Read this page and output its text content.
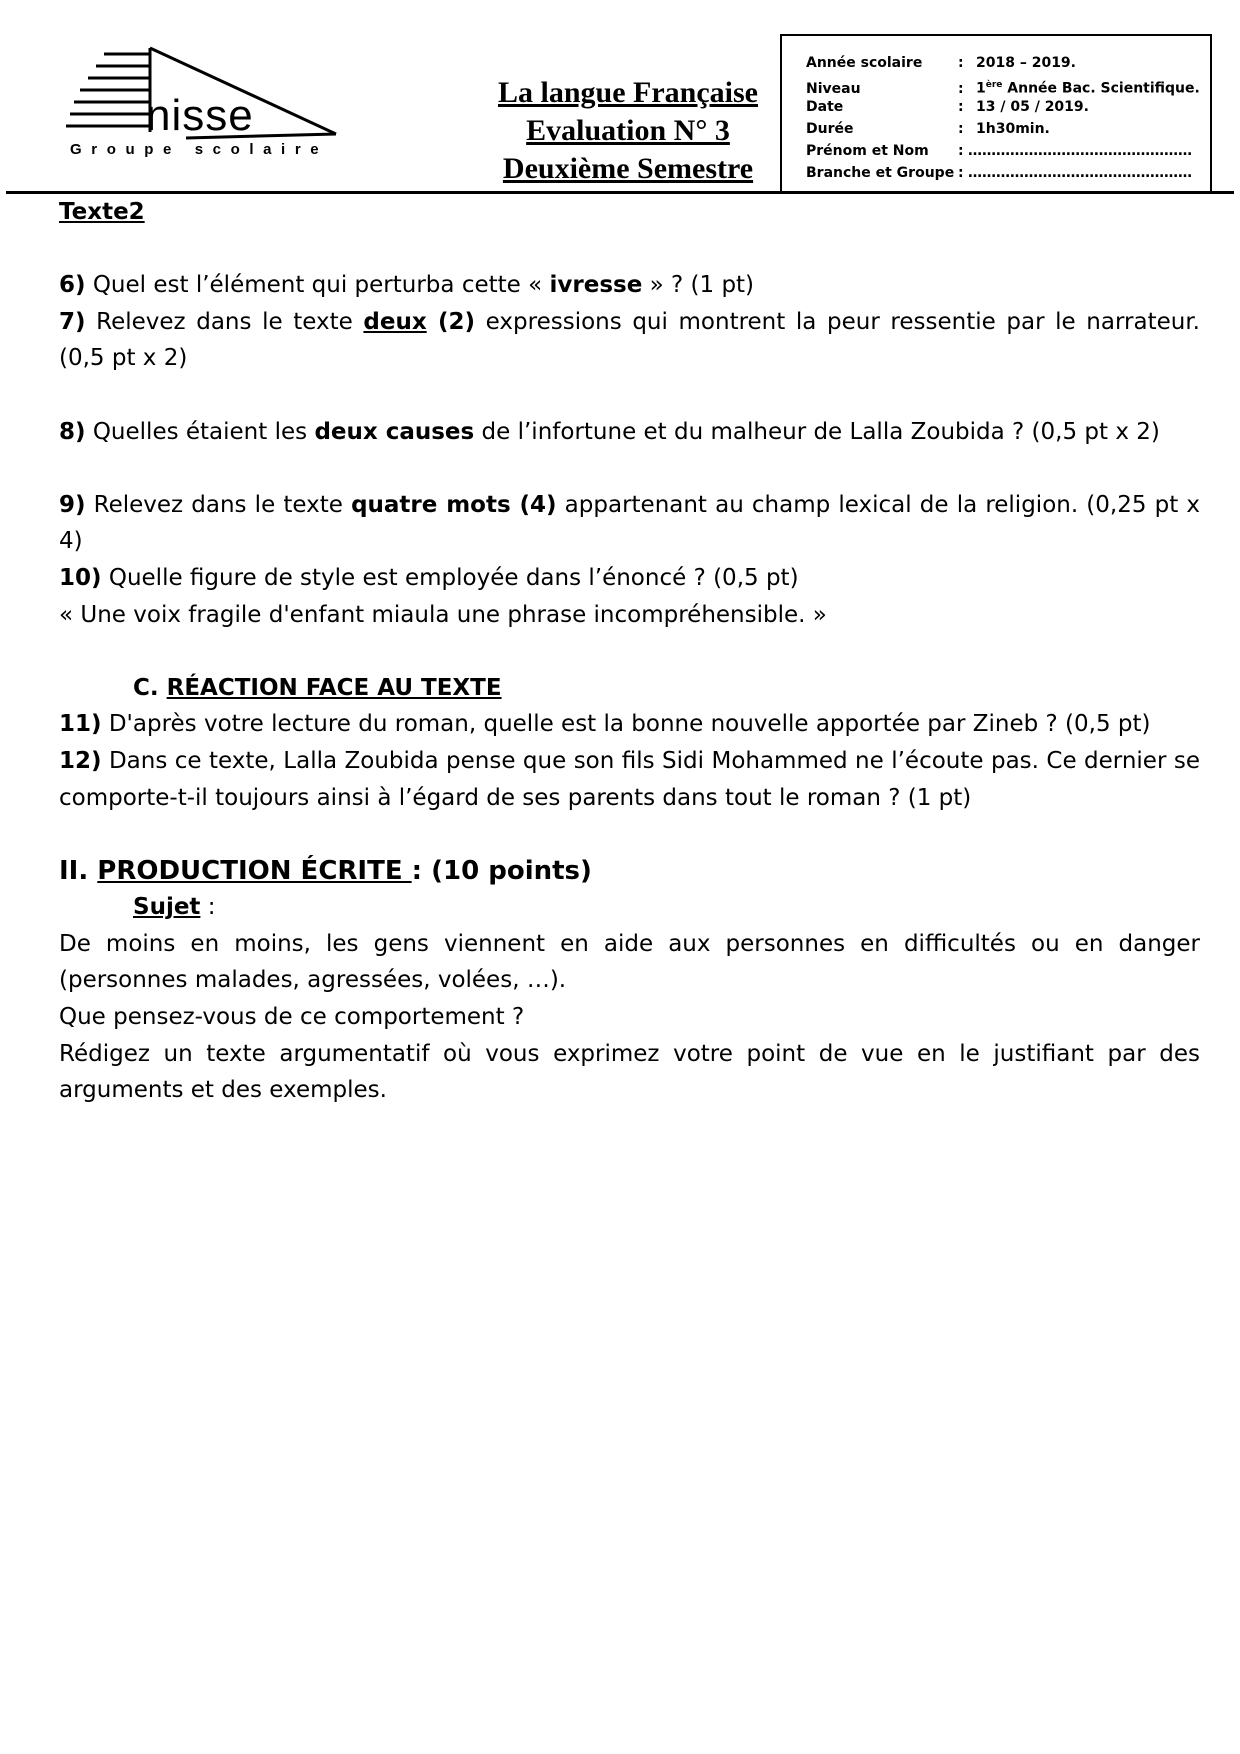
nisse
Groupe scolaire
La langue Française
Evaluation N° 3
Deuxième Semestre
Année scolaire	: 2018 – 2019.
Niveau	: 1ère Année Bac. Scientifique.
Date	: 13 / 05 / 2019.
Durée	: 1h30min.
Prénom et Nom : …………………………………………
Branche et Groupe : …………………………………………

Texte2

6) Quel est l’élément qui perturba cette « ivresse » ? (1 pt)

7) Relevez dans le texte deux (2) expressions qui montrent la peur ressentie par le narrateur. (0,5 pt x 2)

8) Quelles étaient les deux causes de l’infortune et du malheur de Lalla Zoubida ? (0,5 pt x 2)

9) Relevez dans le texte quatre mots (4) appartenant au champ lexical de la religion. (0,25 pt x 4)

10) Quelle figure de style est employée dans l’énoncé ? (0,5 pt)

« Une voix fragile d'enfant miaula une phrase incompréhensible. »

C. RÉACTION FACE AU TEXTE

11) D'après votre lecture du roman, quelle est la bonne nouvelle apportée par Zineb ? (0,5 pt)

12) Dans ce texte, Lalla Zoubida pense que son fils Sidi Mohammed ne l’écoute pas. Ce dernier se comporte-t-il toujours ainsi à l’égard de ses parents dans tout le roman ? (1 pt)

II. PRODUCTION ÉCRITE : (10 points)

Sujet :

De moins en moins, les gens viennent en aide aux personnes en difficultés ou en danger (personnes malades, agressées, volées, …).

Que pensez-vous de ce comportement ?

Rédigez un texte argumentatif où vous exprimez votre point de vue en le justifiant par des arguments et des exemples.
